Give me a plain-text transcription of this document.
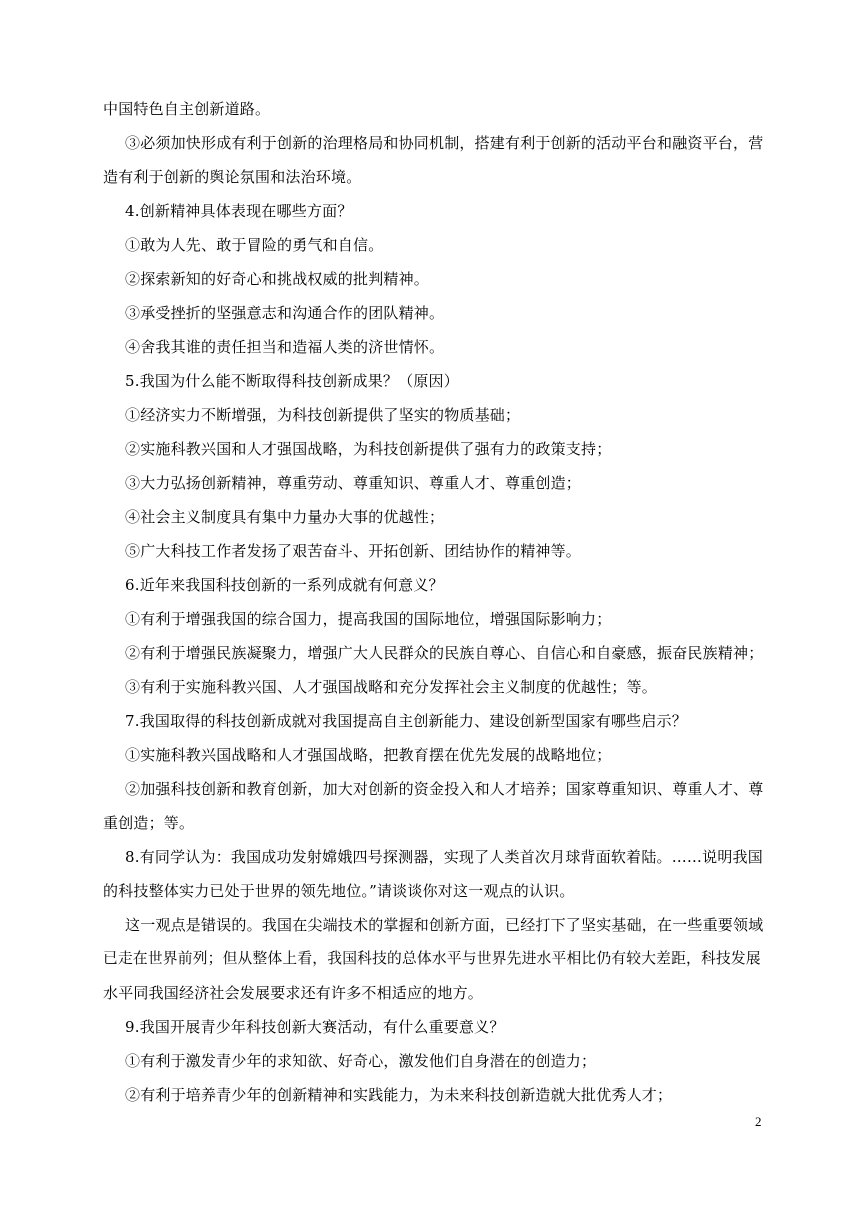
中国特色自主创新道路。
③必须加快形成有利于创新的治理格局和协同机制，搭建有利于创新的活动平台和融资平台，营
造有利于创新的舆论氛围和法治环境。
4.创新精神具体表现在哪些方面？
①敢为人先、敢于冒险的勇气和自信。
②探索新知的好奇心和挑战权威的批判精神。
③承受挫折的坚强意志和沟通合作的团队精神。
④舍我其谁的责任担当和造福人类的济世情怀。
5.我国为什么能不断取得科技创新成果？（原因）
①经济实力不断增强，为科技创新提供了坚实的物质基础；
②实施科教兴国和人才强国战略，为科技创新提供了强有力的政策支持；
③大力弘扬创新精神，尊重劳动、尊重知识、尊重人才、尊重创造；
④社会主义制度具有集中力量办大事的优越性；
⑤广大科技工作者发扬了艰苦奋斗、开拓创新、团结协作的精神等。
6.近年来我国科技创新的一系列成就有何意义？
①有利于增强我国的综合国力，提高我国的国际地位，增强国际影响力；
②有利于增强民族凝聚力，增强广大人民群众的民族自尊心、自信心和自豪感，振奋民族精神；
③有利于实施科教兴国、人才强国战略和充分发挥社会主义制度的优越性；等。
7.我国取得的科技创新成就对我国提高自主创新能力、建设创新型国家有哪些启示？
①实施科教兴国战略和人才强国战略，把教育摆在优先发展的战略地位；
②加强科技创新和教育创新，加大对创新的资金投入和人才培养；国家尊重知识、尊重人才、尊
重创造；等。
8.有同学认为：我国成功发射嫦娥四号探测器，实现了人类首次月球背面软着陆。……说明我国
的科技整体实力已处于世界的领先地位。”请谈谈你对这一观点的认识。
这一观点是错误的。我国在尖端技术的掌握和创新方面，已经打下了坚实基础，在一些重要领域
已走在世界前列；但从整体上看，我国科技的总体水平与世界先进水平相比仍有较大差距，科技发展
水平同我国经济社会发展要求还有许多不相适应的地方。
9.我国开展青少年科技创新大赛活动，有什么重要意义？
①有利于激发青少年的求知欲、好奇心，激发他们自身潜在的创造力；
②有利于培养青少年的创新精神和实践能力，为未来科技创新造就大批优秀人才；
2
